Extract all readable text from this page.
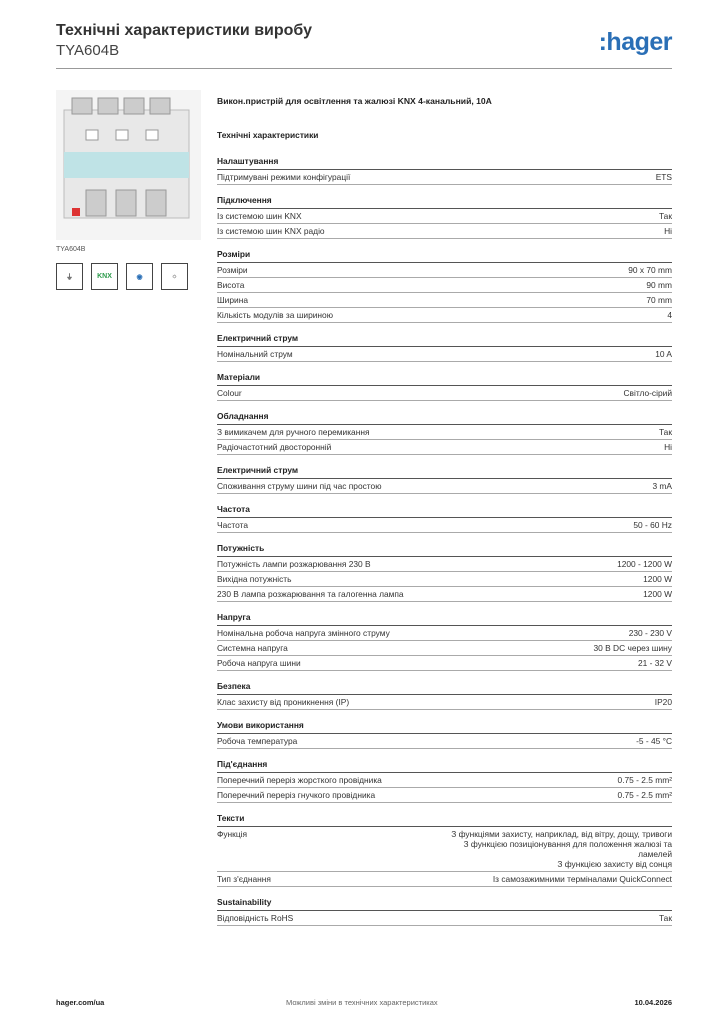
Технічні характеристики виробу
TYA604B	:hager
TYA604B
⏚	KNX	◉	☼
Викон.пристрій для освітлення та жалюзі KNX 4-канальний, 10А
Технічні характеристики
Налаштування
Підтримувані режими конфігурації	ETS
Підключення
Із системою шин KNX	Так
Із системою шин KNX радіо	Ні
Розміри
Розміри	90 x 70 mm
Висота	90 mm
Ширина	70 mm
Кількість модулів за шириною	4
Електричний струм
Номінальний струм	10 A
Матеріали
Colour	Світло-сірий
Обладнання
З вимикачем для ручного перемикання	Так
Радіочастотний двосторонній	Ні
Електричний струм
Споживання струму шини під час простою	3 mA
Частота
Частота	50 - 60 Hz
Потужність
Потужність лампи розжарювання 230 В	1200 - 1200 W
Вихідна потужність	1200 W
230 В лампа розжарювання та галогенна лампа	1200 W
Напруга
Номінальна робоча напруга змінного струму	230 - 230 V
Системна напруга	30 В DC через шину
Робоча напруга шини	21 - 32 V
Безпека
Клас захисту від проникнення (IP)	IP20
Умови використання
Робоча температура	-5 - 45 °C
Під'єднання
Поперечний переріз жорсткого провідника	0.75 - 2.5 mm²
Поперечний переріз гнучкого провідника	0.75 - 2.5 mm²
Тексти
Функція	З функціями захисту, наприклад, від вітру, дощу, тривоги
З функцією позиціонування для положення жалюзі та ламелей
З функцією захисту від сонця
Тип з'єднання	Із самозажимними терміналами QuickConnect
Sustainability
Відповідність RoHS	Так
hager.com/ua	Можливі зміни в технічних характеристиках	10.04.2026
